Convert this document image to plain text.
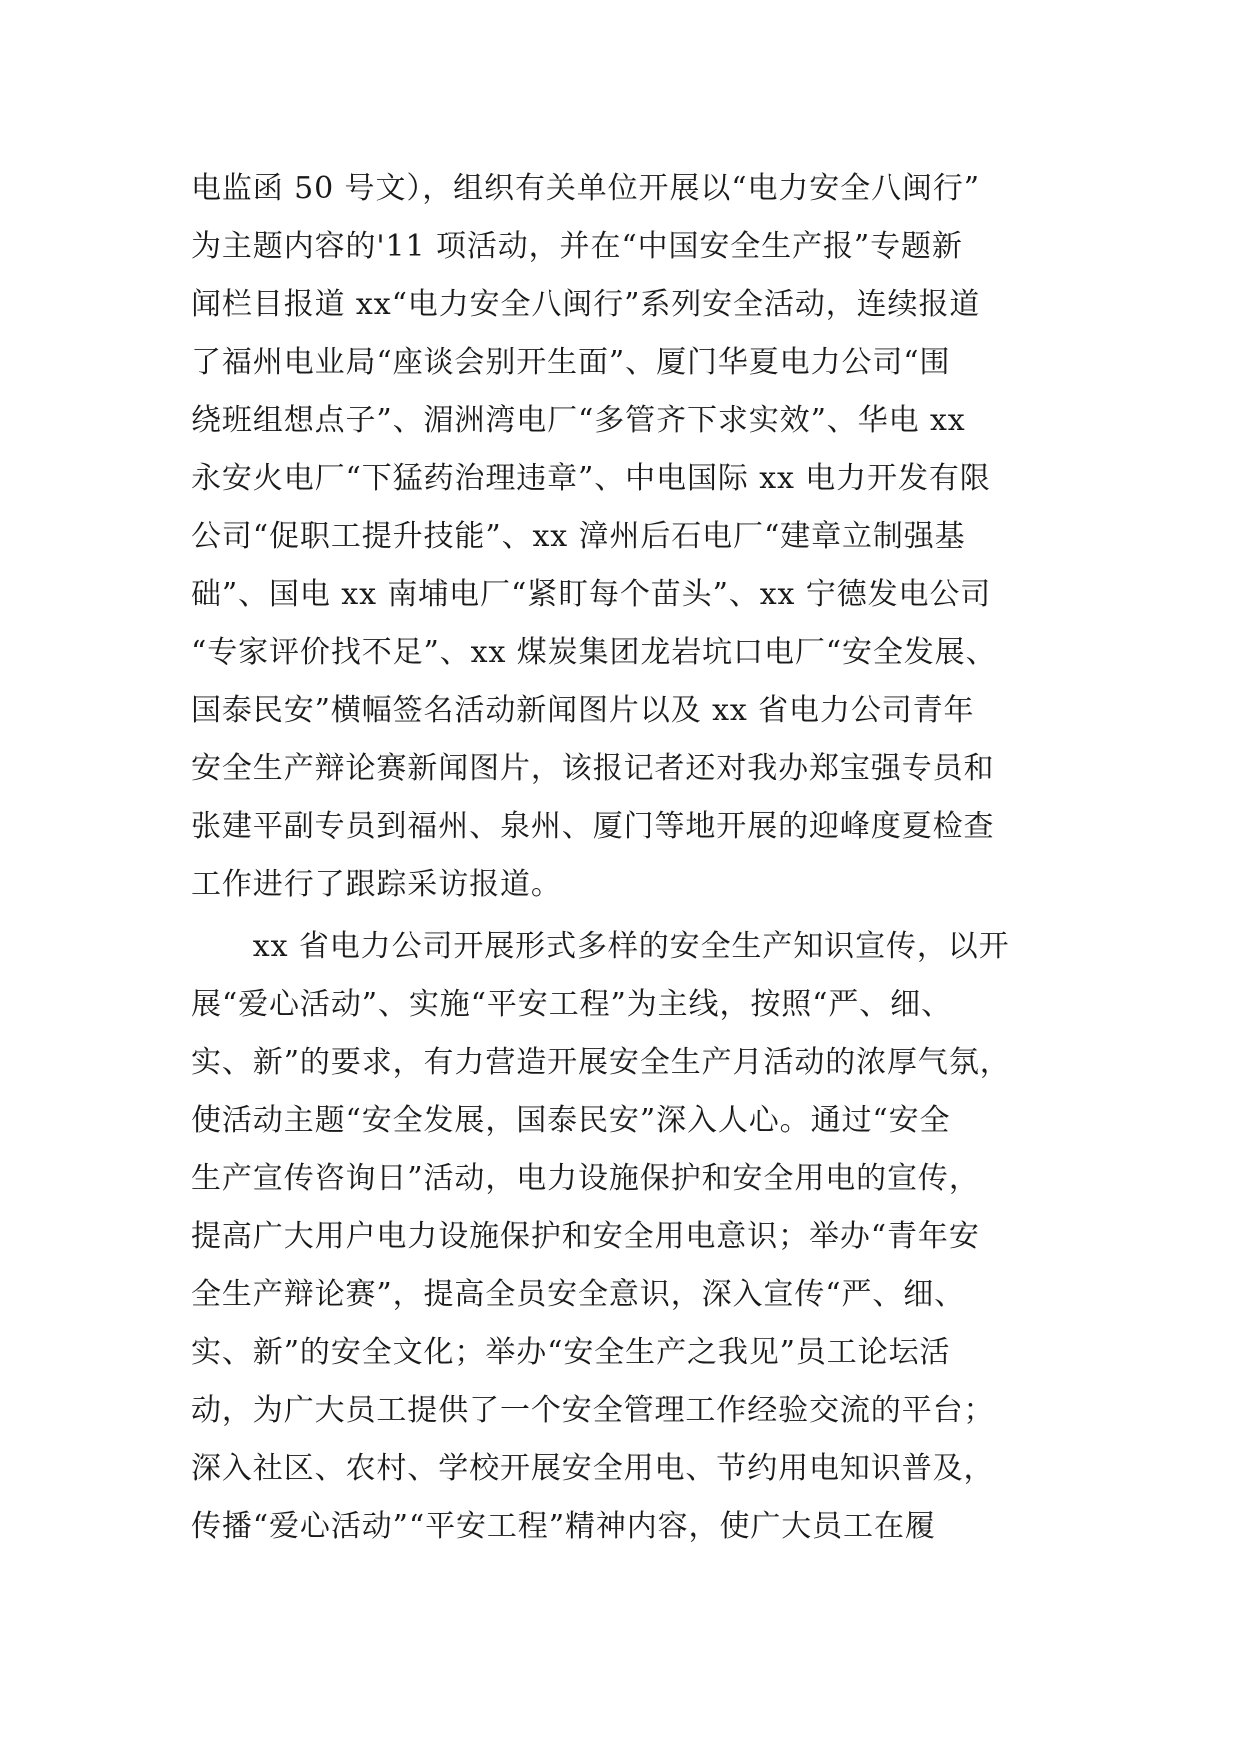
电监函 50 号文），组织有关单位开展以“电力安全八闽行”
为主题内容的'11 项活动，并在“中国安全生产报”专题新
闻栏目报道 xx“电力安全八闽行”系列安全活动，连续报道
了福州电业局“座谈会别开生面”、厦门华夏电力公司“围
绕班组想点子”、湄洲湾电厂“多管齐下求实效”、华电 xx
永安火电厂“下猛药治理违章”、中电国际 xx 电力开发有限
公司“促职工提升技能”、xx 漳州后石电厂“建章立制强基
础”、国电 xx 南埔电厂“紧盯每个苗头”、xx 宁德发电公司
“专家评价找不足”、xx 煤炭集团龙岩坑口电厂“安全发展、
国泰民安”横幅签名活动新闻图片以及 xx 省电力公司青年
安全生产辩论赛新闻图片，该报记者还对我办郑宝强专员和
张建平副专员到福州、泉州、厦门等地开展的迎峰度夏检查
工作进行了跟踪采访报道。
　　xx 省电力公司开展形式多样的安全生产知识宣传，以开
展“爱心活动”、实施“平安工程”为主线，按照“严、细、
实、新”的要求，有力营造开展安全生产月活动的浓厚气氛，
使活动主题“安全发展，国泰民安”深入人心。通过“安全
生产宣传咨询日”活动，电力设施保护和安全用电的宣传，
提高广大用户电力设施保护和安全用电意识；举办“青年安
全生产辩论赛”，提高全员安全意识，深入宣传“严、细、
实、新”的安全文化；举办“安全生产之我见”员工论坛活
动，为广大员工提供了一个安全管理工作经验交流的平台；
深入社区、农村、学校开展安全用电、节约用电知识普及，
传播“爱心活动”“平安工程”精神内容，使广大员工在履
